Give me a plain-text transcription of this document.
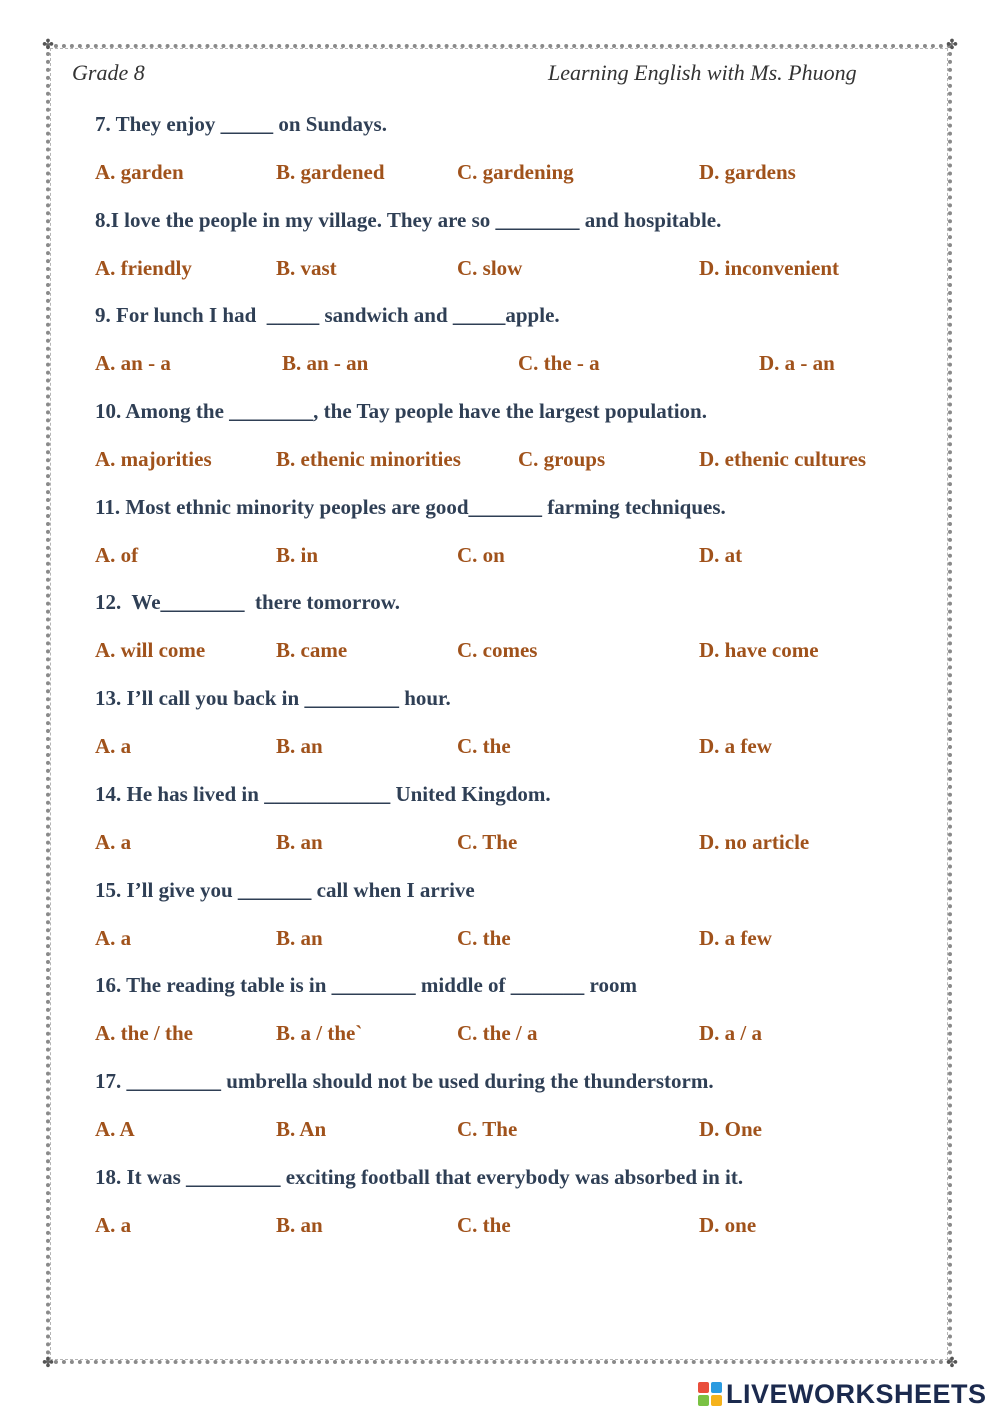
✤	✤
✤	✤
Grade 8	Learning English with Ms. Phuong
7. They enjoy _____ on Sundays.
A. garden	B. gardened	C. gardening	D. gardens
8.I love the people in my village. They are so ________ and hospitable.
A. friendly	B. vast	C. slow	D. inconvenient
9. For lunch I had  _____ sandwich and _____apple.
A. an - a	B. an - an	C. the - a	D. a - an
10. Among the ________, the Tay people have the largest population.
A. majorities	B. ethenic minorities	C. groups	D. ethenic cultures
11. Most ethnic minority peoples are good_______ farming techniques.
A. of	B. in	C. on	D. at
12.  We________  there tomorrow.
A. will come	B. came	C. comes	D. have come
13. I’ll call you back in _________ hour.
A. a	B. an	C. the	D. a few
14. He has lived in ____________ United Kingdom.
A. a	B. an	C. The	D. no article
15. I’ll give you _______ call when I arrive
A. a	B. an	C. the	D. a few
16. The reading table is in ________ middle of _______ room
A. the / the	B. a / the`	C. the / a	D. a / a
17. _________ umbrella should not be used during the thunderstorm.
A. A	B. An	C. The	D. One
18. It was _________ exciting football that everybody was absorbed in it.
A. a	B. an	C. the	D. one
LIVEWORKSHEETS
